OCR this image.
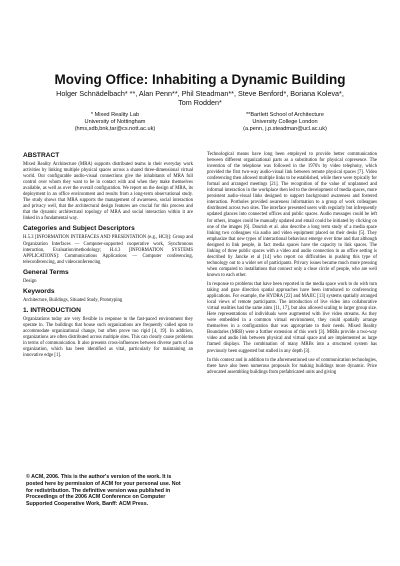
Moving Office: Inhabiting a Dynamic Building
Holger Schnädelbach* **, Alan Penn**, Phil Steadman**, Steve Benford*, Boriana Koleva*,
Tom Rodden*
* Mixed Reality Lab
University of Nottingham
(hms,sdb,bnk,tar@cs.nott.ac.uk)
**Bartlett School of Architecture
University College London
(a.penn, j.p.steadman@ucl.ac.uk)
ABSTRACT
Mixed Reality Architecture (MRA) supports distributed teams in their everyday work activities by linking multiple physical spaces across a shared three-dimensional virtual world. Our configurable audio-visual connections give the inhabitants of MRA full control over whom they want to be in contact with and when they make themselves available, as well as over the overall configuration. We report on the design of MRA, its deployment in an office environment and results from a long-term observational study. The study shows that MRA supports the management of awareness, social interaction and privacy well, that the architectural design features are crucial for this process and that the dynamic architectural topology of MRA and social interaction within it are linked in a fundamental way.
Categories and Subject Descriptors
H.5.3 [INFORMATION INTERFACES AND PRESENTATION (e.g., HCI)]: Group and Organization Interfaces — Computer-supported cooperative work, Synchronous interaction, Evaluation/methodology; H.4.3 [INFORMATION SYSTEMS APPLICATIONS]: Communications Applications — Computer conferencing, teleconferencing, and videoconferencing
General Terms
Design
Keywords
Architecture, Buildings, Situated Study, Prototyping
1. INTRODUCTION
Organizations today are very flexible in response to the fast-paced environment they operate in. The buildings that house such organizations are frequently called upon to accommodate organizational change, but often prove too rigid [4, 19]. In addition, organizations are often distributed across multiple sites. This can clearly cause problems in terms of communication. It also presents cross-influences between diverse parts of an organization, which has been identified as vital, particularly for maintaining an innovative edge [1].
© ACM, 2006. This is the author's version of the work. It is posted here by permission of ACM for your personal use. Not for redistribution. The definitive version was published in Proceedings of the 2006 ACM Conference on Computer Supported Cooperative Work, Banff: ACM Press.
Technological means have long been employed to provide better communication between different organizational parts as a substitution for physical copresence. The invention of the telephone was followed in the 1970's by video telephony, which provided the first two-way audio-visual link between remote physical spaces [7]. Video conferencing then allowed multiple links to be established, while there were typically for formal and arranged meetings [21]. The recognition of the value of unplanned and informal interaction in the workplace then led to the development of media spaces, more persistent audio-visual links designed to support background awareness and fostered interaction. Portholes provided awareness information to a group of work colleagues distributed across two sites. The interface presented users with regularly but infrequently updated glances into connected offices and public spaces. Audio messages could be left for others, images could be manually updated and email could be initiated by clicking on one of the images [6]. Dourish et al. also describe a long term study of a media space linking two colleagues via audio and video equipment placed on their desks [5]. They emphasize that new types of interactional behaviour emerge over time and that although designed to link people, in fact media spaces have the capacity to link spaces. The linking of three public spaces with a video and audio connection in an office setting is described by Jancke et al [14] who report no difficulties in pushing this type of technology out to a wider set of participants. Privacy issues became much more pressing when compared to installations that connect only a close circle of people, who are well known to each other.
In response to problems that have been reported in the media space work to do with turn taking and gaze direction spatial approaches have been introduced to conferencing applications. For example, the HYDRA [22] and MAJIC [13] systems spatially arranged local views of remote participants. The introduction of live video into collaborative virtual realities had the same aims [11, 17], but also allowed scaling to larger group size. Here representations of individuals were augmented with live video streams. As they were embedded in a common virtual environment, they could spatially arrange themselves in a configuration that was appropriate to their needs. Mixed Reality Boundaries (MRB) were a further extension of this work [3]. MRBs provide a two-way video and audio link between physical and virtual space and are implemented as large framed displays. The combination of many MRBs into a structured system has previously been suggested but stalled in any depth [3].
In this context and in addition to the aforementioned use of communication technologies, there have also been numerous proposals for making buildings more dynamic. Price advocated assembling buildings from prefabricated units and giving
